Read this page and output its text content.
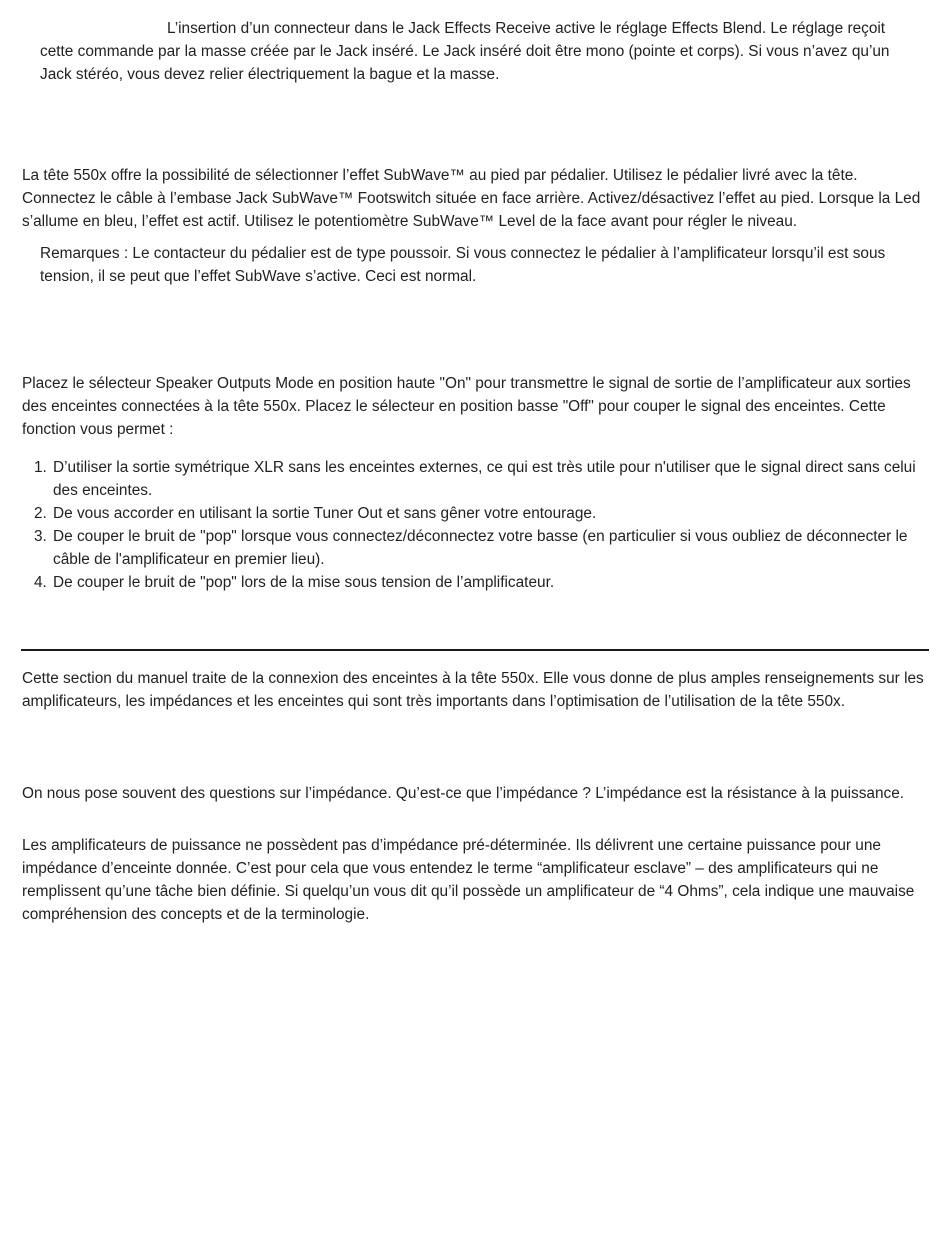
L’insertion d’un connecteur dans le Jack Effects Receive active le réglage Effects Blend. Le réglage reçoit cette commande par la masse créée par le Jack inséré. Le Jack inséré doit être mono (pointe et corps). Si vous n’avez qu’un Jack stéréo, vous devez relier électriquement la bague et la masse.

La tête 550x offre la possibilité de sélectionner l’effet SubWave™ au pied par pédalier. Utilisez le pédalier livré avec la tête. Connectez le câble à l’embase Jack SubWave™ Footswitch située en face arrière. Activez/désactivez l’effet au pied. Lorsque la Led s’allume en bleu, l’effet est actif. Utilisez le potentiomètre SubWave™ Level de la face avant pour régler le niveau.

Remarques : Le contacteur du pédalier est de type poussoir. Si vous connectez le pédalier à l’amplificateur lorsqu’il est sous tension, il se peut que l’effet SubWave s’active. Ceci est normal.

Placez le sélecteur Speaker Outputs Mode en position haute "On" pour transmettre le signal de sortie de l’amplificateur aux sorties des enceintes connectées à la tête 550x. Placez le sélecteur en position basse "Off" pour couper le signal des enceintes. Cette fonction vous permet :

1. D’utiliser la sortie symétrique XLR sans les enceintes externes, ce qui est très utile pour n'utiliser que le signal direct sans celui des enceintes.
2. De vous accorder en utilisant la sortie Tuner Out et sans gêner votre entourage.
3. De couper le bruit de "pop" lorsque vous connectez/déconnectez votre basse (en particulier si vous oubliez de déconnecter le câble de l'amplificateur en premier lieu).
4. De couper le bruit de "pop" lors de la mise sous tension de l’amplificateur.

Cette section du manuel traite de la connexion des enceintes à la tête 550x. Elle vous donne de plus amples renseignements sur les amplificateurs, les impédances et les enceintes qui sont très importants dans l’optimisation de l’utilisation de la tête 550x.

On nous pose souvent des questions sur l’impédance. Qu’est-ce que l’impédance ? L’impédance est la résistance à la puissance.

Les amplificateurs de puissance ne possèdent pas d’impédance pré-déterminée. Ils délivrent une certaine puissance pour une impédance d’enceinte donnée. C’est pour cela que vous entendez le terme “amplificateur esclave” – des amplificateurs qui ne remplissent qu’une tâche bien définie. Si quelqu’un vous dit qu’il possède un amplificateur de “4 Ohms”, cela indique une mauvaise compréhension des concepts et de la terminologie.
